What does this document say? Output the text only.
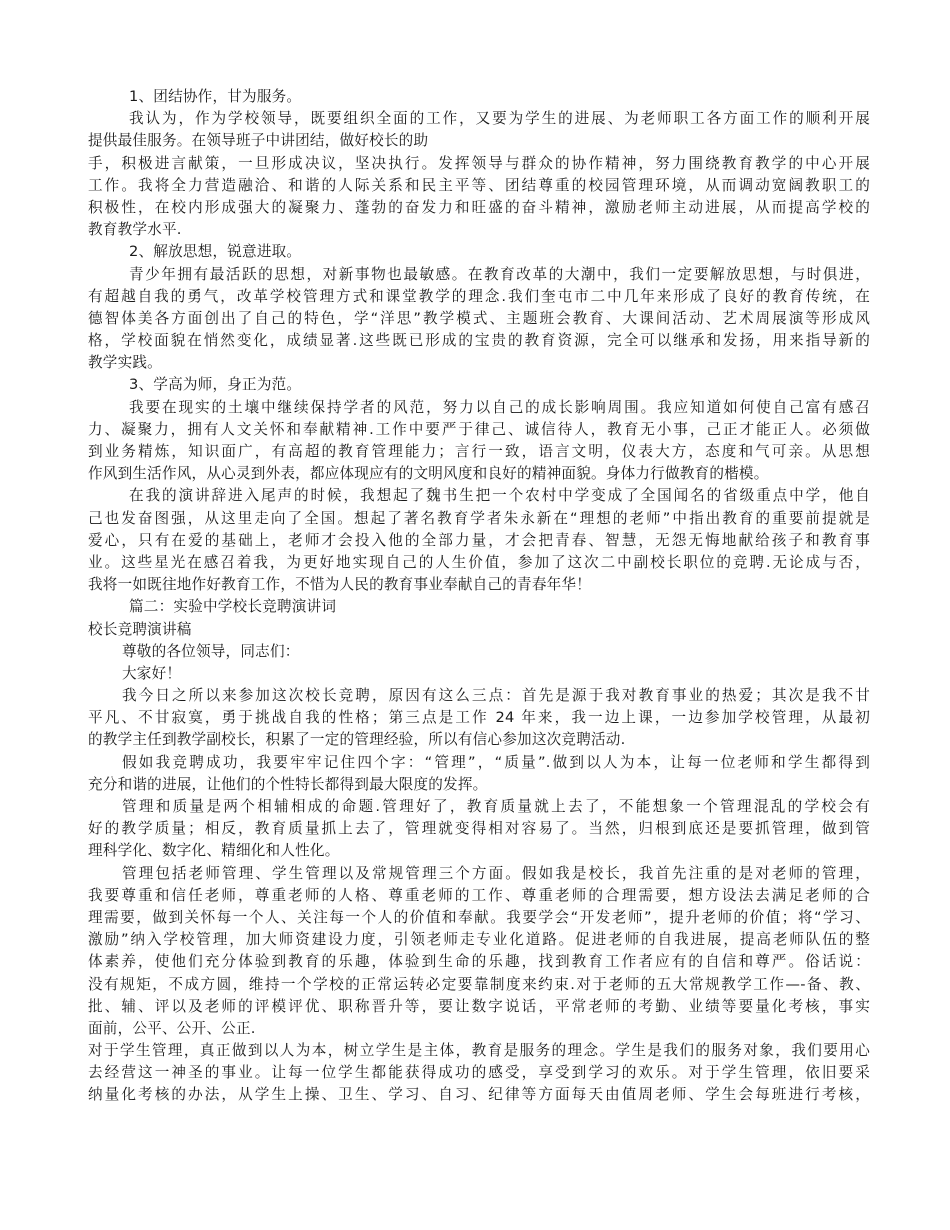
1、团结协作，甘为服务。
我认为，作为学校领导，既要组织全面的工作，又要为学生的进展、为老师职工各方面工作的顺利开展
提供最佳服务。在领导班子中讲团结，做好校长的助
手，积极进言献策，一旦形成决议，坚决执行。发挥领导与群众的协作精神，努力围绕教育教学的中心开展
工作。我将全力营造融洽、和谐的人际关系和民主平等、团结尊重的校园管理环境，从而调动宽阔教职工的
积极性，在校内形成强大的凝聚力、蓬勃的奋发力和旺盛的奋斗精神，激励老师主动进展，从而提高学校的
教育教学水平.
2、解放思想，锐意进取。
青少年拥有最活跃的思想，对新事物也最敏感。在教育改革的大潮中，我们一定要解放思想，与时俱进，
有超越自我的勇气，改革学校管理方式和课堂教学的理念.我们奎屯市二中几年来形成了良好的教育传统，在
德智体美各方面创出了自己的特色，学“洋思”教学模式、主题班会教育、大课间活动、艺术周展演等形成风
格，学校面貌在悄然变化，成绩显著.这些既已形成的宝贵的教育资源，完全可以继承和发扬，用来指导新的
教学实践。
3、学高为师，身正为范。
我要在现实的土壤中继续保持学者的风范，努力以自己的成长影响周围。我应知道如何使自己富有感召
力、凝聚力，拥有人文关怀和奉献精神.工作中要严于律己、诚信待人，教育无小事，己正才能正人。必须做
到业务精炼，知识面广，有高超的教育管理能力；言行一致，语言文明，仪表大方，态度和气可亲。从思想
作风到生活作风，从心灵到外表，都应体现应有的文明风度和良好的精神面貌。身体力行做教育的楷模。
在我的演讲辞进入尾声的时候，我想起了魏书生把一个农村中学变成了全国闻名的省级重点中学，他自
己也发奋图强，从这里走向了全国。想起了著名教育学者朱永新在“理想的老师”中指出教育的重要前提就是
爱心，只有在爱的基础上，老师才会投入他的全部力量，才会把青春、智慧，无怨无悔地献给孩子和教育事
业。这些星光在感召着我，为更好地实现自己的人生价值，参加了这次二中副校长职位的竞聘.无论成与否，
我将一如既往地作好教育工作，不惜为人民的教育事业奉献自己的青春年华！
篇二：实验中学校长竞聘演讲词
校长竞聘演讲稿
尊敬的各位领导，同志们：
大家好！
我今日之所以来参加这次校长竞聘，原因有这么三点：首先是源于我对教育事业的热爱；其次是我不甘
平凡、不甘寂寞，勇于挑战自我的性格；第三点是工作 24 年来，我一边上课，一边参加学校管理，从最初
的教学主任到教学副校长，积累了一定的管理经验，所以有信心参加这次竞聘活动.
假如我竞聘成功，我要牢牢记住四个字：“管理”，“质量”.做到以人为本，让每一位老师和学生都得到
充分和谐的进展，让他们的个性特长都得到最大限度的发挥。
管理和质量是两个相辅相成的命题.管理好了，教育质量就上去了，不能想象一个管理混乱的学校会有
好的教学质量；相反，教育质量抓上去了，管理就变得相对容易了。当然，归根到底还是要抓管理，做到管
理科学化、数字化、精细化和人性化。
管理包括老师管理、学生管理以及常规管理三个方面。假如我是校长，我首先注重的是对老师的管理，
我要尊重和信任老师，尊重老师的人格、尊重老师的工作、尊重老师的合理需要，想方设法去满足老师的合
理需要，做到关怀每一个人、关注每一个人的价值和奉献。我要学会“开发老师”，提升老师的价值；将“学习、
激励”纳入学校管理，加大师资建设力度，引领老师走专业化道路。促进老师的自我进展，提高老师队伍的整
体素养，使他们充分体验到教育的乐趣，体验到生命的乐趣，找到教育工作者应有的自信和尊严。俗话说：
没有规矩，不成方圆，维持一个学校的正常运转必定要靠制度来约束.对于老师的五大常规教学工作—-备、教、
批、辅、评以及老师的评模评优、职称晋升等，要让数字说话，平常老师的考勤、业绩等要量化考核，事实
面前，公平、公开、公正.
对于学生管理，真正做到以人为本，树立学生是主体，教育是服务的理念。学生是我们的服务对象，我们要用心
去经营这一神圣的事业。让每一位学生都能获得成功的感受，享受到学习的欢乐。对于学生管理，依旧要采
纳量化考核的办法，从学生上操、卫生、学习、自习、纪律等方面每天由值周老师、学生会每班进行考核，
